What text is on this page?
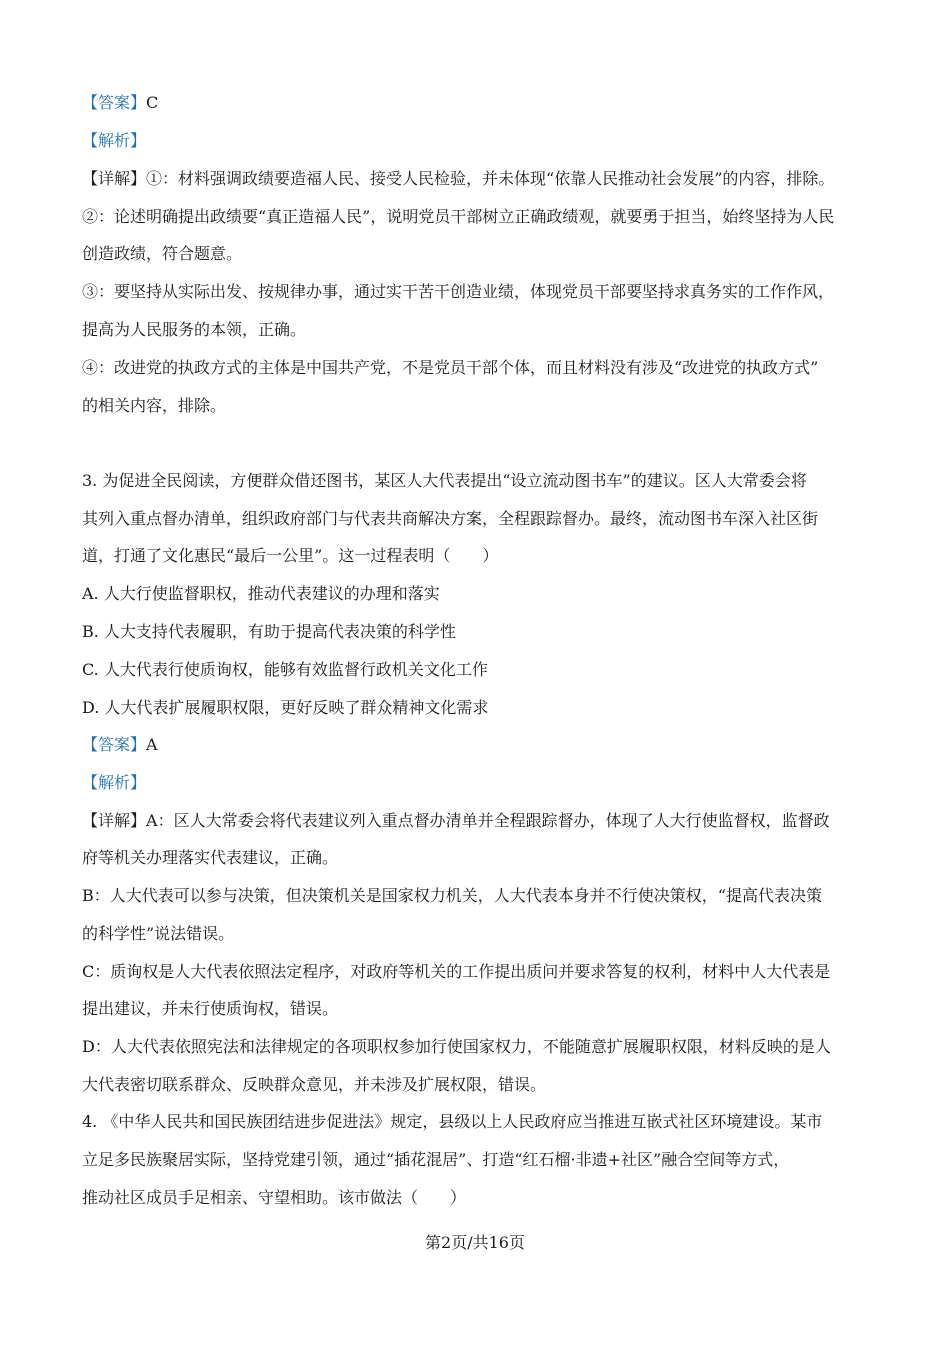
【答案】C
【解析】
【详解】①：材料强调政绩要造福人民、接受人民检验，并未体现“依靠人民推动社会发展”的内容，排除。
②：论述明确提出政绩要“真正造福人民”，说明党员干部树立正确政绩观，就要勇于担当，始终坚持为人民
创造政绩，符合题意。
③：要坚持从实际出发、按规律办事，通过实干苦干创造业绩，体现党员干部要坚持求真务实的工作作风，
提高为人民服务的本领，正确。
④：改进党的执政方式的主体是中国共产党，不是党员干部个体，而且材料没有涉及“改进党的执政方式”
的相关内容，排除。
3. 为促进全民阅读，方便群众借还图书，某区人大代表提出“设立流动图书车”的建议。区人大常委会将
其列入重点督办清单，组织政府部门与代表共商解决方案，全程跟踪督办。最终，流动图书车深入社区街
道，打通了文化惠民“最后一公里”。这一过程表明（　　）
A. 人大行使监督职权，推动代表建议的办理和落实
B. 人大支持代表履职，有助于提高代表决策的科学性
C. 人大代表行使质询权，能够有效监督行政机关文化工作
D. 人大代表扩展履职权限，更好反映了群众精神文化需求
【答案】A
【解析】
【详解】A：区人大常委会将代表建议列入重点督办清单并全程跟踪督办，体现了人大行使监督权，监督政
府等机关办理落实代表建议，正确。
B：人大代表可以参与决策，但决策机关是国家权力机关，人大代表本身并不行使决策权，“提高代表决策
的科学性”说法错误。
C：质询权是人大代表依照法定程序，对政府等机关的工作提出质问并要求答复的权利，材料中人大代表是
提出建议，并未行使质询权，错误。
D：人大代表依照宪法和法律规定的各项职权参加行使国家权力，不能随意扩展履职权限，材料反映的是人
大代表密切联系群众、反映群众意见，并未涉及扩展权限，错误。
4. 《中华人民共和国民族团结进步促进法》规定，县级以上人民政府应当推进互嵌式社区环境建设。某市
立足多民族聚居实际，坚持党建引领，通过“插花混居”、打造“红石榴·非遗+社区”融合空间等方式，
推动社区成员手足相亲、守望相助。该市做法（　　）
第2页/共16页
